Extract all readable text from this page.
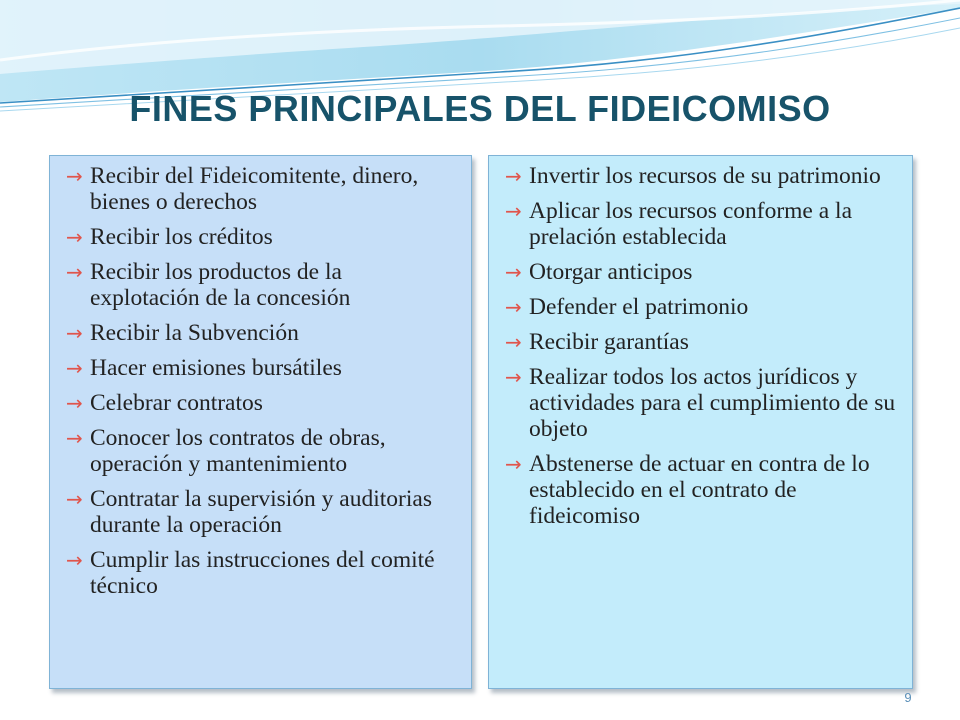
FINES PRINCIPALES DEL FIDEICOMISO
→ Recibir del Fideicomitente, dinero, bienes o derechos
→ Recibir los créditos
→ Recibir los productos de la explotación de la concesión
→ Recibir la Subvención
→ Hacer emisiones bursátiles
→ Celebrar contratos
→ Conocer los contratos de obras, operación y mantenimiento
→ Contratar la supervisión y auditorias durante la operación
→ Cumplir las instrucciones del comité técnico
→ Invertir los recursos de su patrimonio
→ Aplicar los recursos conforme a la prelación establecida
→ Otorgar anticipos
→ Defender el patrimonio
→ Recibir garantías
→ Realizar todos los actos jurídicos y actividades para el cumplimiento de su objeto
→ Abstenerse de actuar en contra de lo establecido en el contrato de fideicomiso
9
